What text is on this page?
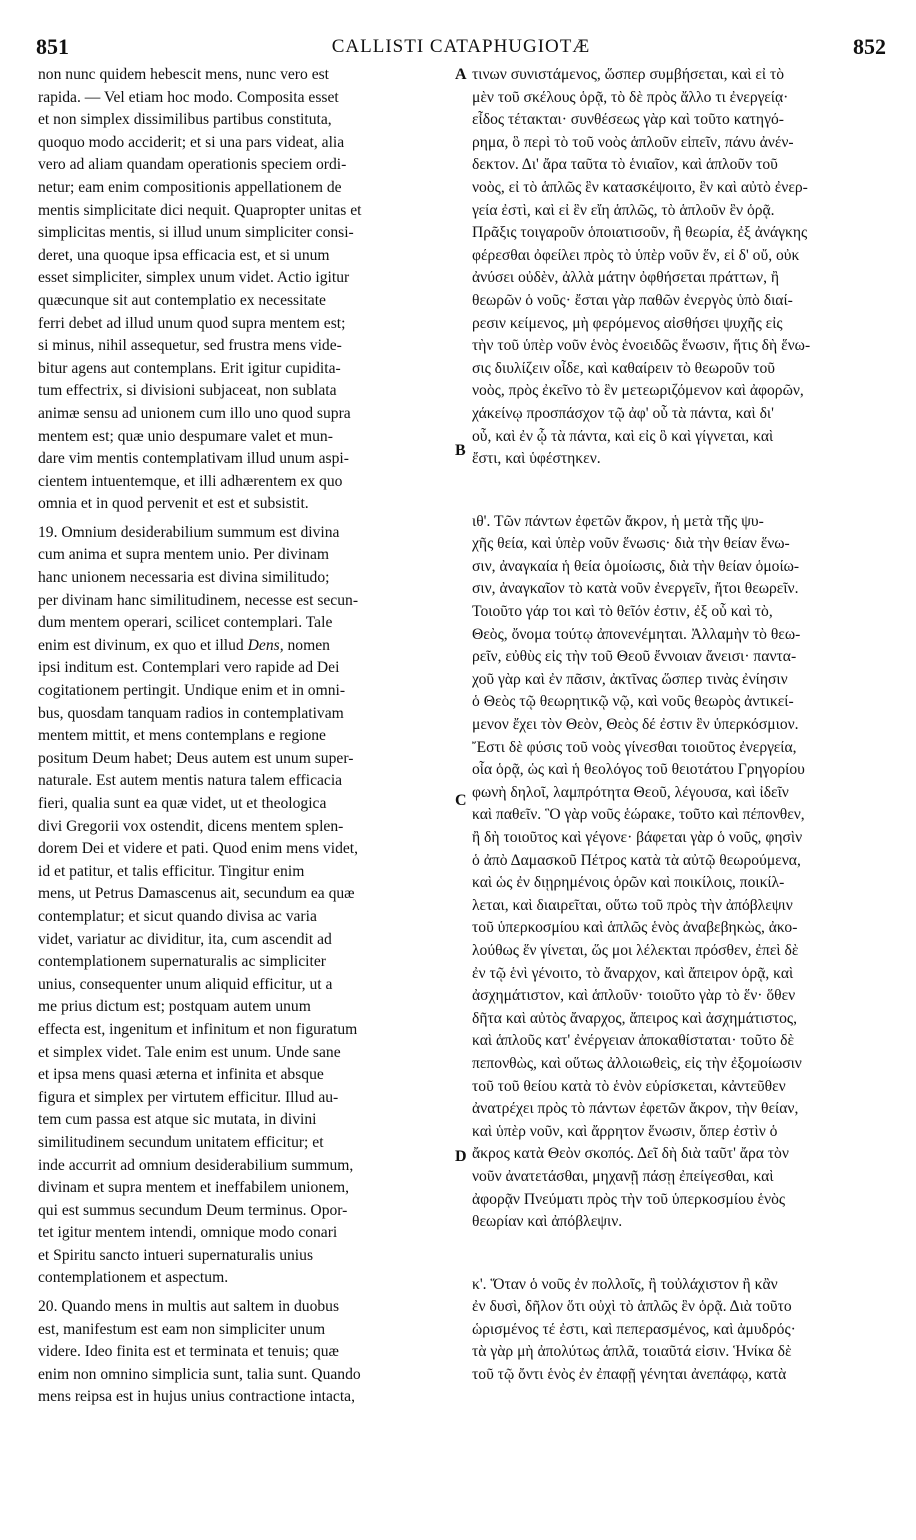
851	CALLISTI CATAPHUGIOTÆ	852
non nunc quidem hebescit mens, nunc vero est
rapida. — Vel etiam hoc modo. Composita esset
et non simplex dissimilibus partibus constituta,
quoquo modo acciderit; et si una pars videat, alia
vero ad aliam quandam operationis speciem ordi-
netur; eam enim compositionis appellationem de
mentis simplicitate dici nequit. Quapropter unitas et
simplicitas mentis, si illud unum simpliciter consi-
deret, una quoque ipsa efficacia est, et si unum
esset simpliciter, simplex unum videt. Actio igitur
quæcunque sit aut contemplatio ex necessitate
ferri debet ad illud unum quod supra mentem est;
si minus, nihil assequetur, sed frustra mens vide-
bitur agens aut contemplans. Erit igitur cupidita-
tum effectrix, si divisioni subjaceat, non sublata
animæ sensu ad unionem cum illo uno quod supra
mentem est; quæ unio despumare valet et mun-
dare vim mentis contemplativam illud unum aspi-
cientem intuentemque, et illi adhærentem ex quo
omnia et in quod pervenit et est et subsistit.
19. Omnium desiderabilium summum est divina
cum anima et supra mentem unio. Per divinam
hanc unionem necessaria est divina similitudo;
per divinam hanc similitudinem, necesse est secun-
dum mentem operari, scilicet contemplari. Tale
enim est divinum, ex quo et illud Dens, nomen
ipsi inditum est. Contemplari vero rapide ad Dei
cogitationem pertingit. Undique enim et in omni-
bus, quosdam tanquam radios in contemplativam
mentem mittit, et mens contemplans e regione
positum Deum habet; Deus autem est unum super-
naturale. Est autem mentis natura talem efficacia
fieri, qualia sunt ea quæ videt, ut et theologica
divi Gregorii vox ostendit, dicens mentem splen-
dorem Dei et videre et pati. Quod enim mens videt,
id et patitur, et talis efficitur. Tingitur enim
mens, ut Petrus Damascenus ait, secundum ea quæ
contemplatur; et sicut quando divisa ac varia
videt, variatur ac dividitur, ita, cum ascendit ad
contemplationem supernaturalis ac simpliciter
unius, consequenter unum aliquid efficitur, ut a
me prius dictum est; postquam autem unum
effecta est, ingenitum et infinitum et non figuratum
et simplex videt. Tale enim est unum. Unde sane
et ipsa mens quasi æterna et infinita et absque
figura et simplex per virtutem efficitur. Illud au-
tem cum passa est atque sic mutata, in divini
similitudinem secundum unitatem efficitur; et
inde accurrit ad omnium desiderabilium summum,
divinam et supra mentem et ineffabilem unionem,
qui est summus secundum Deum terminus. Opor-
tet igitur mentem intendi, omnique modo conari
et Spiritu sancto intueri supernaturalis unius
contemplationem et aspectum.
20. Quando mens in multis aut saltem in duobus
est, manifestum est eam non simpliciter unum
videre. Ideo finita est et terminata et tenuis; quæ
enim non omnino simplicia sunt, talia sunt. Quando
mens reipsa est in hujus unius contractione intacta,
τινων συνιστάμενος, ὥσπερ συμβήσεται, καὶ εἰ τὸ
μὲν τοῦ σκέλους ὁρᾷ, τὸ δὲ πρὸς ἄλλο τι ἐνεργείᾳ·
εἶδος τέτακται· συνθέσεως γὰρ καὶ τοῦτο κατηγό-
ρημα, ὃ περὶ τὸ τοῦ νοὸς ἁπλοῦν εἰπεῖν, πάνυ ἀνέν-
δεκτον. Δι' ἄρα ταῦτα τὸ ἑνιαῖον, καὶ ἁπλοῦν τοῦ
νοὸς, εἰ τὸ ἁπλῶς ἓν κατασκέψοιτο, ἓν καὶ αὐτὸ ἐνερ-
γεία ἐστὶ, καὶ εἰ ἓν εἴη ἁπλῶς, τὸ ἁπλοῦν ἓν ὁρᾷ.
Πρᾶξις τοιγαροῦν ὁποιατισοῦν, ἢ θεωρία, ἐξ ἀνάγκης
φέρεσθαι ὀφείλει πρὸς τὸ ὑπὲρ νοῦν ἕν, εἰ δ' οὔ, οὐκ
ἀνύσει οὐδὲν, ἀλλὰ μάτην ὀφθήσεται πράττων, ἢ
θεωρῶν ὁ νοῦς· ἔσται γὰρ παθῶν ἐνεργὸς ὑπὸ διαί-
ρεσιν κείμενος, μὴ φερόμενος αἰσθήσει ψυχῆς εἰς
τὴν τοῦ ὑπὲρ νοῦν ἑνὸς ἑνοειδῶς ἕνωσιν, ἥτις δὴ ἕνω-
σις διυλίζειν οἶδε, καὶ καθαίρειν τὸ θεωροῦν τοῦ
νοὸς, πρὸς ἐκεῖνο τὸ ἓν μετεωριζόμενον καὶ ἀφορῶν,
χάκείνῳ προσπάσχον τῷ ἀφ' οὗ τὰ πάντα, καὶ δι'
οὗ, καὶ ἐν ᾧ τὰ πάντα, καὶ εἰς ὃ καὶ γίγνεται, καὶ
ἔστι, καὶ ὑφέστηκεν.
ιθ'. Τῶν πάντων ἐφετῶν ἄκρον, ἡ μετὰ τῆς ψυ-
χῆς θεία, καὶ ὑπὲρ νοῦν ἕνωσις· διὰ τὴν θείαν ἕνω-
σιν, ἀναγκαία ἡ θεία ὁμοίωσις, διὰ τὴν θείαν ὁμοίω-
σιν, ἀναγκαῖον τὸ κατὰ νοῦν ἐνεργεῖν, ἤτοι θεωρεῖν.
Τοιοῦτο γάρ τοι καὶ τὸ θεῖόν ἐστιν, ἐξ οὗ καὶ τὸ,
Θεὸς, ὄνομα τούτῳ ἀπονενέμηται. Ἀλλαμὴν τὸ θεω-
ρεῖν, εὐθὺς εἰς τὴν τοῦ Θεοῦ ἔννοιαν ἄνεισι· παντα-
χοῦ γὰρ καὶ ἐν πᾶσιν, ἀκτῖνας ὥσπερ τινὰς ἐνίησιν
ὁ Θεὸς τῷ θεωρητικῷ νῷ, καὶ νοῦς θεωρὸς ἀντικεί-
μενον ἔχει τὸν Θεὸν, Θεὸς δέ ἐστιν ἓν ὑπερκόσμιον.
Ἔστι δὲ φύσις τοῦ νοὸς γίνεσθαι τοιοῦτος ἐνεργεία,
οἷα ὁρᾷ, ὡς καὶ ἡ θεολόγος τοῦ θειοτάτου Γρηγορίου
φωνὴ δηλοῖ, λαμπρότητα Θεοῦ, λέγουσα, καὶ ἰδεῖν
καὶ παθεῖν. Ὃ γὰρ νοῦς ἑώρακε, τοῦτο καὶ πέπονθεν,
ἢ δὴ τοιοῦτος καὶ γέγονε· βάφεται γὰρ ὁ νοῦς, φησὶν
ὁ ἀπὸ Δαμασκοῦ Πέτρος κατὰ τὰ αὐτῷ θεωρούμενα,
καὶ ὡς ἐν διῃρημένοις ὁρῶν καὶ ποικίλοις, ποικίλ-
λεται, καὶ διαιρεῖται, οὕτω τοῦ πρὸς τὴν ἀπόβλεψιν
τοῦ ὑπερκοσμίου καὶ ἁπλῶς ἑνὸς ἀναβεβηκὼς, ἀκο-
λούθως ἕν γίνεται, ὥς μοι λέλεκται πρόσθεν, ἐπεὶ δὲ
ἐν τῷ ἑνὶ γένοιτο, τὸ ἄναρχον, καὶ ἄπειρον ὁρᾷ, καὶ
ἀσχημάτιστον, καὶ ἁπλοῦν· τοιοῦτο γὰρ τὸ ἕν· ὅθεν
δῆτα καὶ αὐτὸς ἄναρχος, ἄπειρος καὶ ἀσχημάτιστος,
καὶ ἁπλοῦς κατ' ἐνέργειαν ἀποκαθίσταται· τοῦτο δὲ
πεπονθὼς, καὶ οὕτως ἀλλοιωθεὶς, εἰς τὴν ἐξομοίωσιν
τοῦ τοῦ θείου κατὰ τὸ ἑνὸν εὑρίσκεται, κἀντεῦθεν
ἀνατρέχει πρὸς τὸ πάντων ἐφετῶν ἄκρον, τὴν θείαν,
καὶ ὑπὲρ νοῦν, καὶ ἄρρητον ἕνωσιν, ὅπερ ἐστὶν ὁ
ἄκρος κατὰ Θεὸν σκοπός. Δεῖ δὴ διὰ ταῦτ' ἄρα τὸν
νοῦν ἀνατετάσθαι, μηχανῇ πάσῃ ἐπείγεσθαι, καὶ
ἀφορᾷν Πνεύματι πρὸς τὴν τοῦ ὑπερκοσμίου ἑνὸς
θεωρίαν καὶ ἀπόβλεψιν.
κ'. Ὅταν ὁ νοῦς ἐν πολλοῖς, ἢ τοὐλάχιστον ἢ κἂν
ἐν δυσὶ, δῆλον ὅτι οὐχὶ τὸ ἁπλῶς ἓν ὁρᾷ. Διὰ τοῦτο
ὡρισμένος τέ ἐστι, καὶ πεπερασμένος, καὶ ἀμυδρός·
τὰ γὰρ μὴ ἀπολύτως ἁπλᾶ, τοιαῦτά εἰσιν. Ἡνίκα δὲ
τοῦ τῷ ὄντι ἑνὸς ἐν ἐπαφῇ γένηται ἀνεπάφῳ, κατὰ
A
B
C
D
